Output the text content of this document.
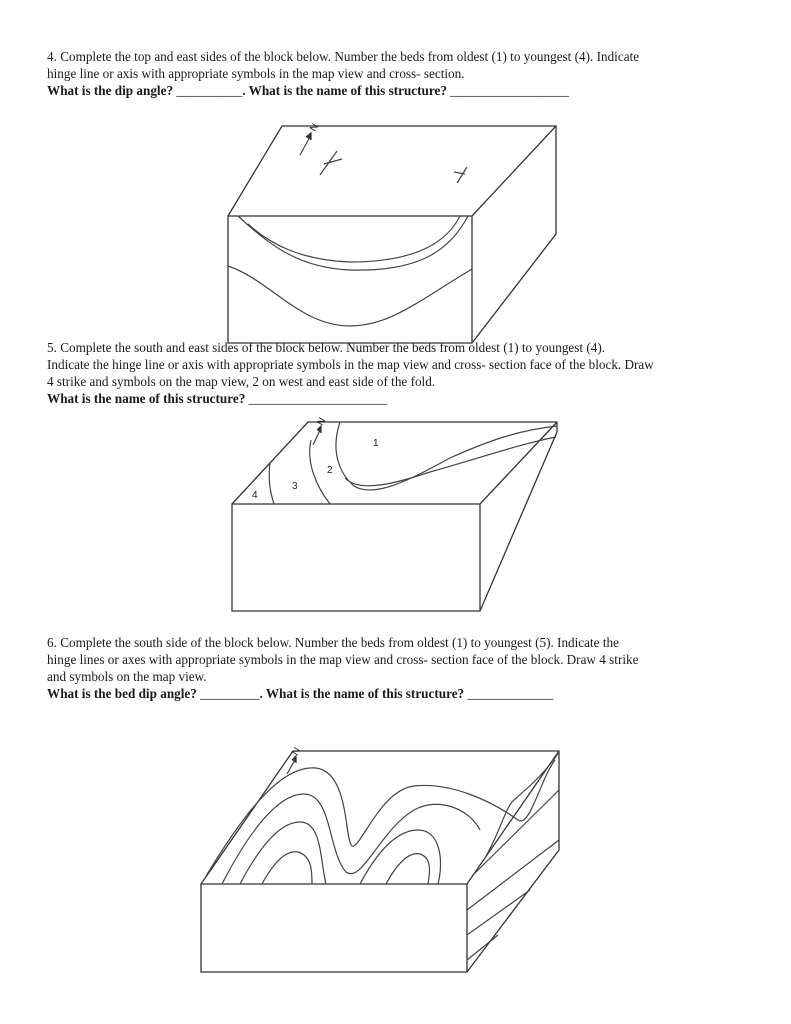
4. Complete the top and east sides of the block below. Number the beds from oldest (1) to youngest (4). Indicate

hinge line or axis with appropriate symbols in the map view and cross- section.

What is the dip angle? __________. What is the name of this structure? __________________

5. Complete the south and east sides of the block below. Number the beds from oldest (1) to youngest (4).

Indicate the hinge line or axis with appropriate symbols in the map view and cross- section face of the block. Draw

4 strike and symbols on the map view, 2 on west and east side of the fold.

What is the name of this structure? _____________________

6. Complete the south side of the block below. Number the beds from oldest (1) to youngest (5). Indicate the

hinge lines or axes with appropriate symbols in the map view and cross- section face of the block. Draw 4 strike

and symbols on the map view.

What is the bed dip angle? _________. What is the name of this structure? _____________

N
N
1
2
3
4
N
